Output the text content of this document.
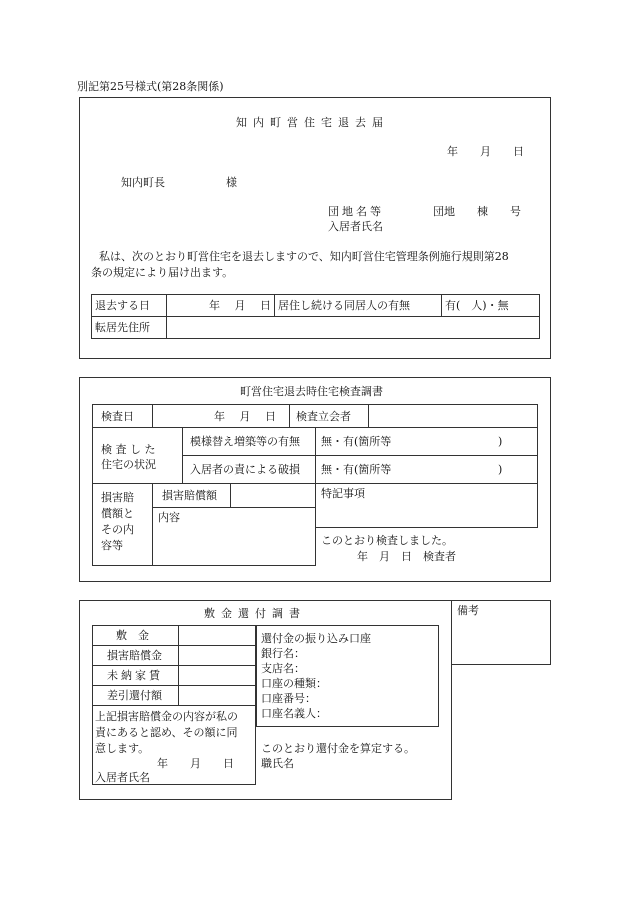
別記第25号様式(第28条関係)
知内町営住宅退去届
年　　月　　日
知内町長	様
団地名等	団地　　棟　　号
入居者氏名
私は、次のとおり町営住宅を退去しますので、知内町営住宅管理条例施行規則第28
条の規定により届け出ます。
退去する日	年　 月　 日	居住し続ける同居人の有無	有(　人)・無
転居先住所			
町営住宅退去時住宅検査調書
検査日	年　 月　 日 検査立会者
検 査 し た
住宅の状況
模様替え増築等の有無 無・有(箇所等	)
入居者の責による破損 無・有(箇所等	)
損害賠
償額と
その内
容等
損害賠償額
内容
特記事項
このとおり検査しました。
年　月　日　検査者
敷金還付調書
敷　金
損害賠償金
未納家賃
差引還付額
上記損害賠償金の内容が私の
責にあると認め、その額に同
意します。
年　　月　　日
入居者氏名
還付金の振り込み口座
銀行名：
支店名：
口座の種類：
口座番号：
口座名義人：
このとおり還付金を算定する。
職氏名
備考
